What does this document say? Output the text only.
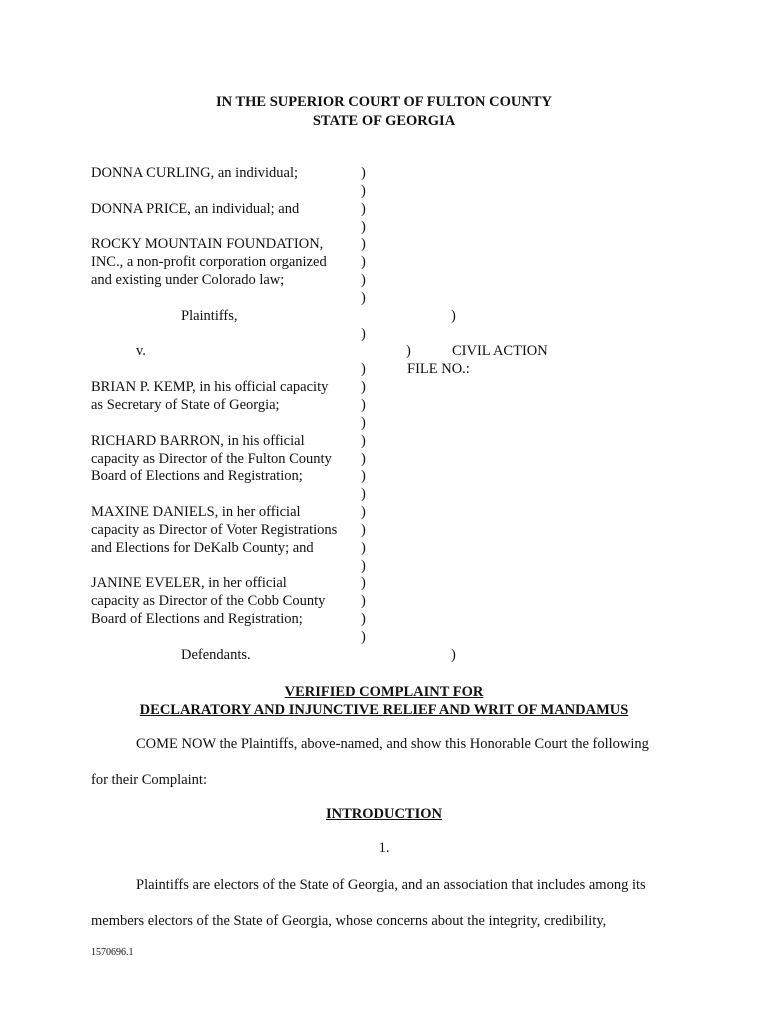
IN THE SUPERIOR COURT OF FULTON COUNTY
STATE OF GEORGIA
DONNA CURLING, an individual;	)
)
DONNA PRICE, an individual; and	)
)
ROCKY MOUNTAIN FOUNDATION,	)
INC., a non-profit corporation organized	)
and existing under Colorado law;	)
)
Plaintiffs,	)
)
v.	)	CIVIL ACTION
)	FILE NO.:
BRIAN P. KEMP, in his official capacity	)
as Secretary of State of Georgia;	)
)
RICHARD BARRON, in his official	)
capacity as Director of the Fulton County	)
Board of Elections and Registration;	)
)
MAXINE DANIELS, in her official	)
capacity as Director of Voter Registrations	)
and Elections for DeKalb County; and	)
)
JANINE EVELER, in her official	)
capacity as Director of the Cobb County	)
Board of Elections and Registration;	)
)
Defendants.	)
VERIFIED COMPLAINT FOR
DECLARATORY AND INJUNCTIVE RELIEF AND WRIT OF MANDAMUS
COME NOW the Plaintiffs, above-named, and show this Honorable Court the following
for their Complaint:
INTRODUCTION
1.
Plaintiffs are electors of the State of Georgia, and an association that includes among its
members electors of the State of Georgia, whose concerns about the integrity, credibility,
1570696.1
